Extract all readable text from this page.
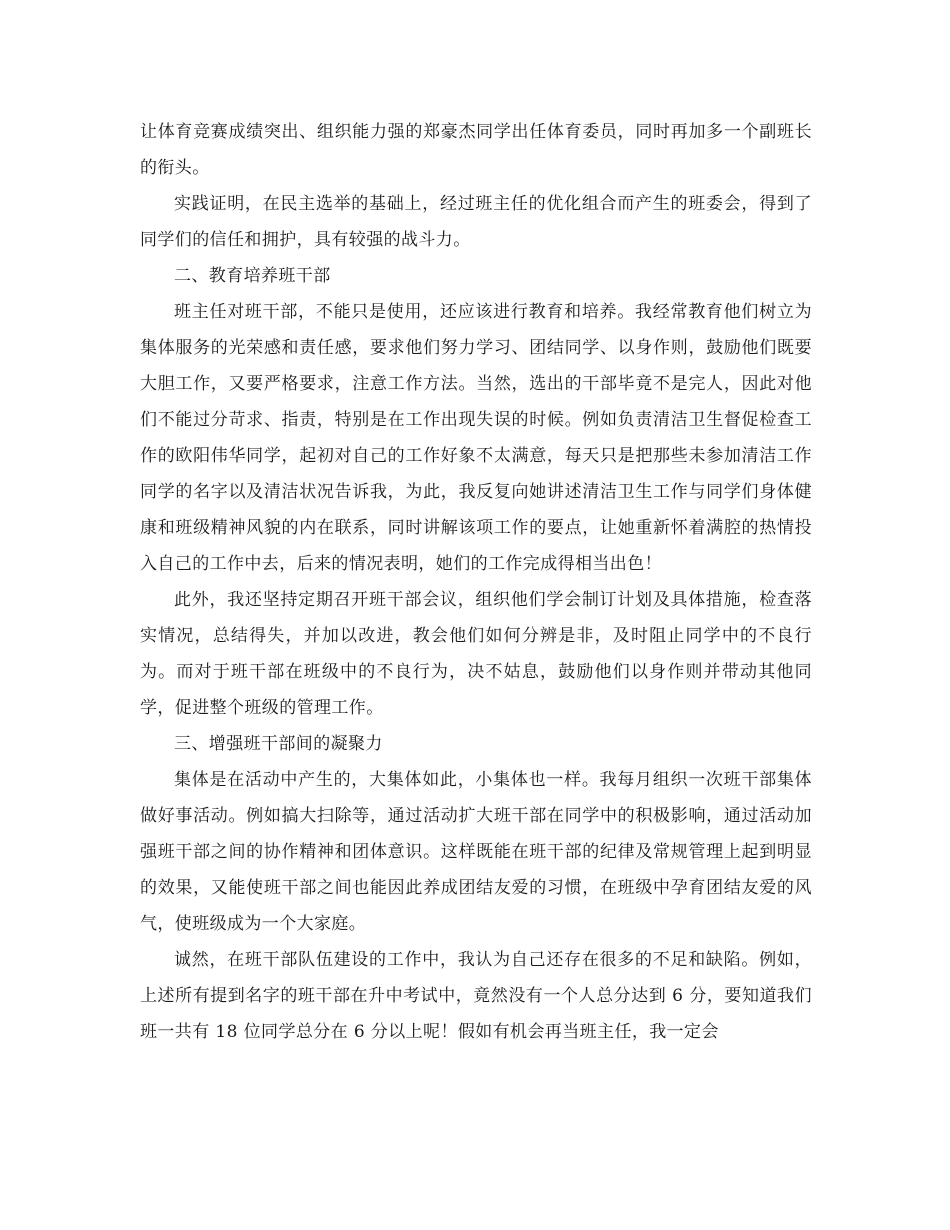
让体育竞赛成绩突出、组织能力强的郑豪杰同学出任体育委员，同时再加多一个副班长的衔头。

实践证明，在民主选举的基础上，经过班主任的优化组合而产生的班委会，得到了同学们的信任和拥护，具有较强的战斗力。

二、教育培养班干部

班主任对班干部，不能只是使用，还应该进行教育和培养。我经常教育他们树立为集体服务的光荣感和责任感，要求他们努力学习、团结同学、以身作则，鼓励他们既要大胆工作，又要严格要求，注意工作方法。当然，选出的干部毕竟不是完人，因此对他们不能过分苛求、指责，特别是在工作出现失误的时候。例如负责清洁卫生督促检查工作的欧阳伟华同学，起初对自己的工作好象不太满意，每天只是把那些未参加清洁工作同学的名字以及清洁状况告诉我，为此，我反复向她讲述清洁卫生工作与同学们身体健康和班级精神风貌的内在联系，同时讲解该项工作的要点，让她重新怀着满腔的热情投入自己的工作中去，后来的情况表明，她们的工作完成得相当出色！

此外，我还坚持定期召开班干部会议，组织他们学会制订计划及具体措施，检查落实情况，总结得失，并加以改进，教会他们如何分辨是非，及时阻止同学中的不良行为。而对于班干部在班级中的不良行为，决不姑息，鼓励他们以身作则并带动其他同学，促进整个班级的管理工作。

三、增强班干部间的凝聚力

集体是在活动中产生的，大集体如此，小集体也一样。我每月组织一次班干部集体做好事活动。例如搞大扫除等，通过活动扩大班干部在同学中的积极影响，通过活动加强班干部之间的协作精神和团体意识。这样既能在班干部的纪律及常规管理上起到明显的效果，又能使班干部之间也能因此养成团结友爱的习惯，在班级中孕育团结友爱的风气，使班级成为一个大家庭。

诚然，在班干部队伍建设的工作中，我认为自己还存在很多的不足和缺陷。例如，上述所有提到名字的班干部在升中考试中，竟然没有一个人总分达到 6 分，要知道我们班一共有 18 位同学总分在 6 分以上呢！假如有机会再当班主任，我一定会
